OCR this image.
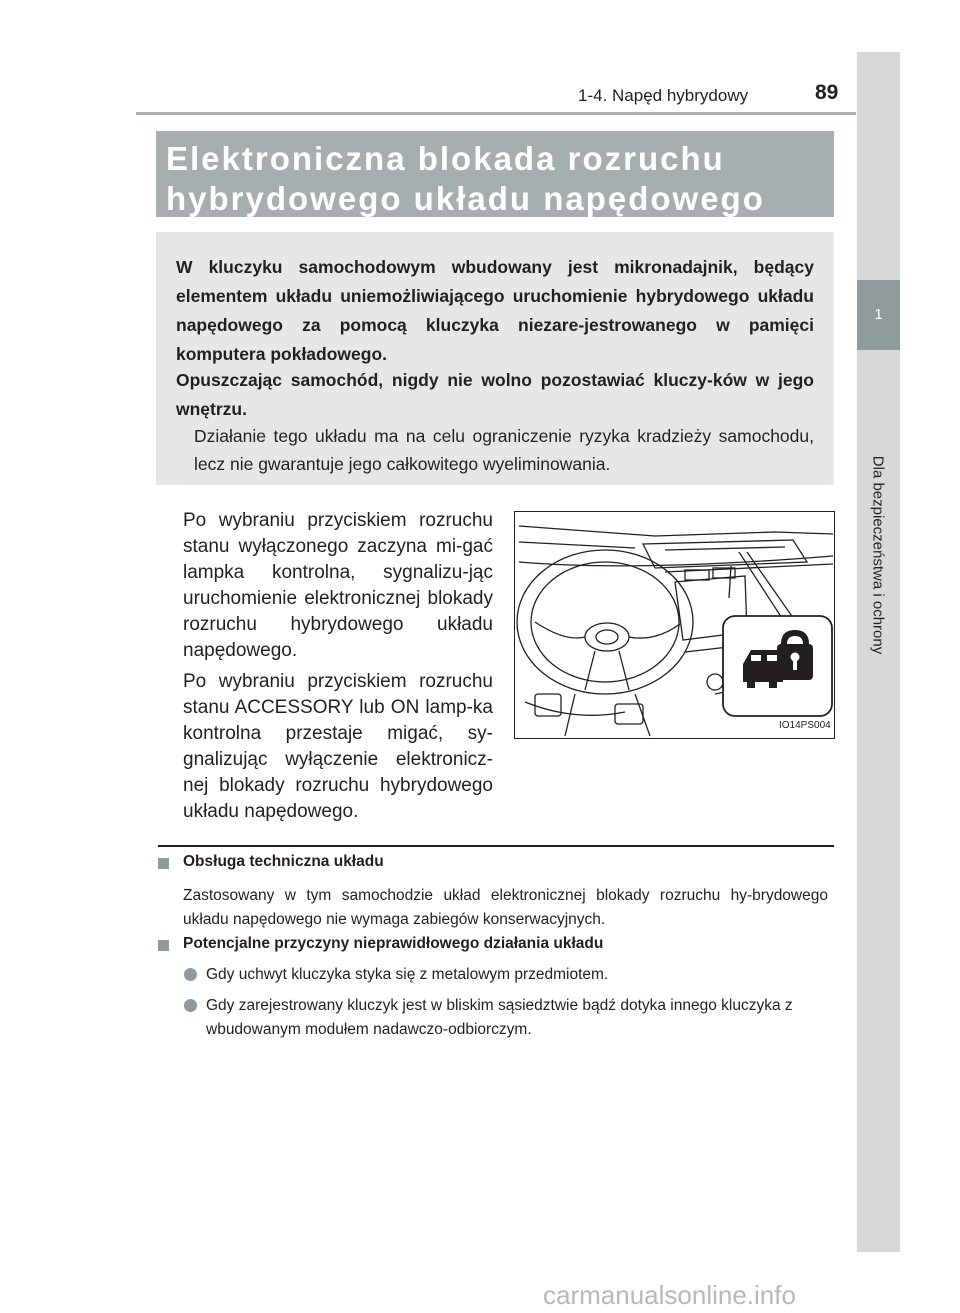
1
Dla bezpieczeństwa i ochrony
1-4. Napęd hybrydowy	89
Elektroniczna blokada rozruchu
hybrydowego układu napędowego
W kluczyku samochodowym wbudowany jest mikronadajnik, będący elementem układu uniemożliwiającego uruchomienie hybrydowego układu napędowego za pomocą kluczyka niezare-jestrowanego w pamięci komputera pokładowego.
Opuszczając samochód, nigdy nie wolno pozostawiać kluczy-ków w jego wnętrzu.
Działanie tego układu ma na celu ograniczenie ryzyka kradzieży samochodu, lecz nie gwarantuje jego całkowitego wyeliminowania.
Po wybraniu przyciskiem rozruchu stanu wyłączonego zaczyna mi-gać lampka kontrolna, sygnalizu-jąc uruchomienie elektronicznej blokady rozruchu hybrydowego układu napędowego.
Po wybraniu przyciskiem rozruchu stanu ACCESSORY lub ON lamp-ka kontrolna przestaje migać, sy-gnalizując wyłączenie elektronicz-nej blokady rozruchu hybrydowego układu napędowego.
IO14PS004
Obsługa techniczna układu
Zastosowany w tym samochodzie układ elektronicznej blokady rozruchu hy-brydowego układu napędowego nie wymaga zabiegów konserwacyjnych.
Potencjalne przyczyny nieprawidłowego działania układu
Gdy uchwyt kluczyka styka się z metalowym przedmiotem.
Gdy zarejestrowany kluczyk jest w bliskim sąsiedztwie bądź dotyka innego kluczyka z wbudowanym modułem nadawczo-odbiorczym.
carmanualsonline.info
